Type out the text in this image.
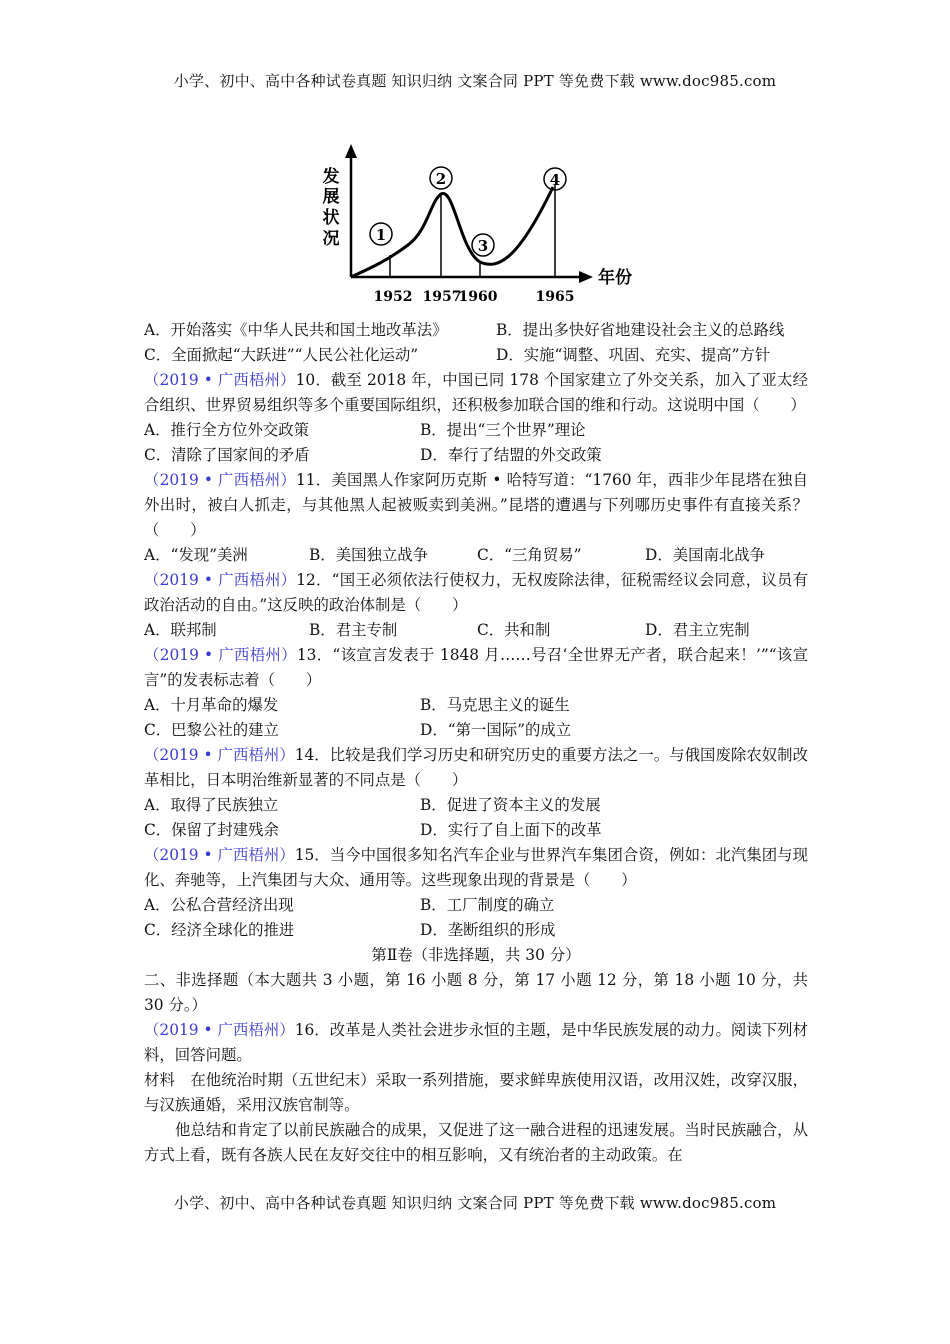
小学、初中、高中各种试卷真题 知识归纳 文案合同 PPT 等免费下载 www.doc985.com
发
展
状
况
年份
1
2
3
4
1952 1957
1960	1965
A．开始落实《中华人民共和国土地改革法》	B．提出多快好省地建设社会主义的总路线
C．全面掀起“大跃进”“人民公社化运动”	D．实施“调整、巩固、充实、提高”方针
（2019 • 广西梧州）10．截至 2018 年，中国已同 178 个国家建立了外交关系，加入了亚太经合组织、世界贸易组织等多个重要国际组织，还积极参加联合国的维和行动。这说明中国（　　）
A．推行全方位外交政策	B．提出“三个世界”理论
C．清除了国家间的矛盾	D．奉行了结盟的外交政策
（2019 • 广西梧州）11．美国黑人作家阿历克斯 • 哈特写道：“1760 年，西非少年昆塔在独自外出时，被白人抓走，与其他黑人起被贩卖到美洲。”昆塔的遭遇与下列哪历史事件有直接关系？（　　）
A．“发现”美洲	B．美国独立战争	C．“三角贸易”	D．美国南北战争
（2019 • 广西梧州）12．“国王必须依法行使权力，无权废除法律，征税需经议会同意，议员有政治活动的自由。”这反映的政治体制是（　　）
A．联邦制	B．君主专制	C．共和制	D．君主立宪制
（2019 • 广西梧州）13．“该宣言发表于 1848 月……号召‘全世界无产者，联合起来！’”“该宣言”的发表标志着（　　）
A．十月革命的爆发	B．马克思主义的诞生
C．巴黎公社的建立	D．“第一国际”的成立
（2019 • 广西梧州）14．比较是我们学习历史和研究历史的重要方法之一。与俄国废除农奴制改革相比，日本明治维新显著的不同点是（　　）
A．取得了民族独立	B．促进了资本主义的发展
C．保留了封建残余	D．实行了自上面下的改革
（2019 • 广西梧州）15．当今中国很多知名汽车企业与世界汽车集团合资，例如：北汽集团与现化、奔驰等，上汽集团与大众、通用等。这些现象出现的背景是（　　）
A．公私合营经济出现	B．工厂制度的确立
C．经济全球化的推进	D．垄断组织的形成
第Ⅱ卷（非选择题，共 30 分）
二、非选择题（本大题共 3 小题，第 16 小题 8 分，第 17 小题 12 分，第 18 小题 10 分，共 30 分。）
（2019 • 广西梧州）16．改革是人类社会进步永恒的主题，是中华民族发展的动力。阅读下列材料，回答问题。
材料　在他统治时期（五世纪末）采取一系列措施，要求鲜卑族使用汉语，改用汉姓，改穿汉服，与汉族通婚，采用汉族官制等。
他总结和肯定了以前民族融合的成果，又促进了这一融合进程的迅速发展。当时民族融合，从方式上看，既有各族人民在友好交往中的相互影响，又有统治者的主动政策。在
小学、初中、高中各种试卷真题 知识归纳 文案合同 PPT 等免费下载 www.doc985.com
